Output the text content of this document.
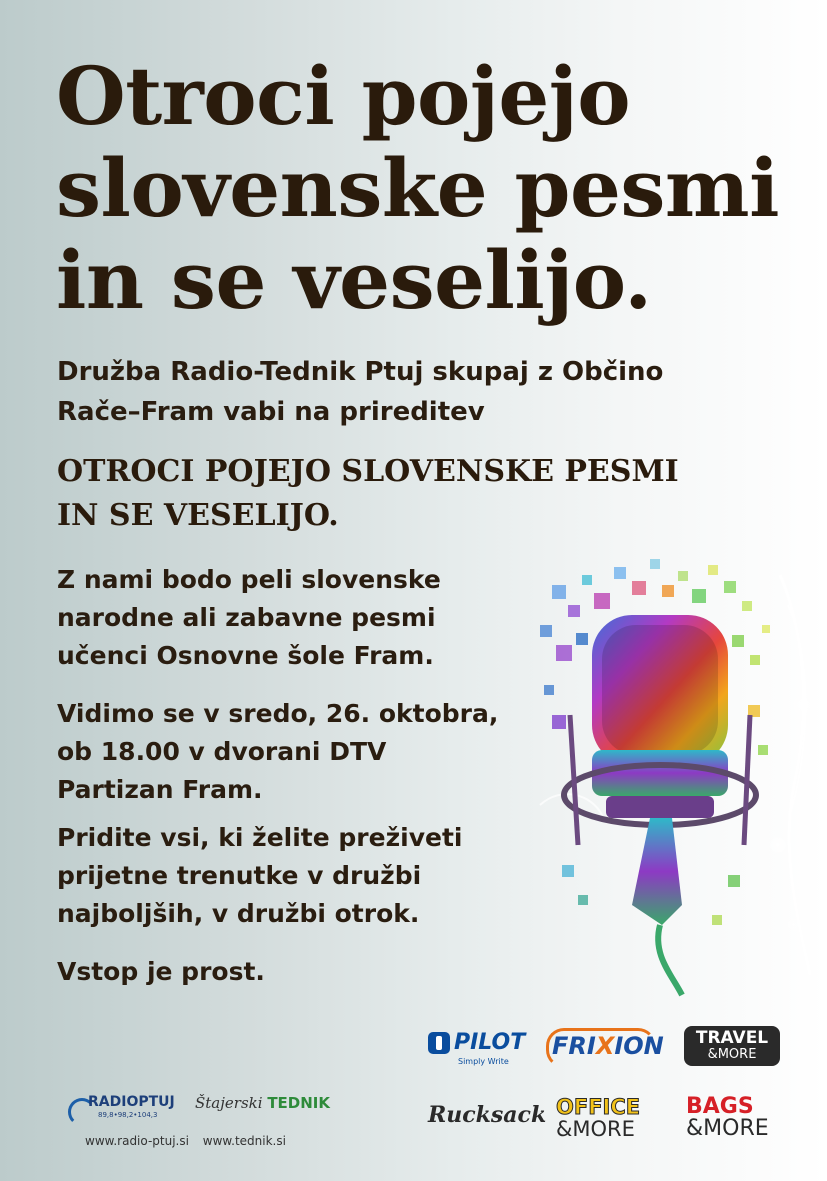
Otroci pojejo
slovenske pesmi
in se veselijo.

Družba Radio-Tednik Ptuj skupaj z Občino
Rače–Fram vabi na prireditev

OTROCI POJEJO SLOVENSKE PESMI
IN SE VESELIJO.

Z nami bodo peli slovenske
narodne ali zabavne pesmi
učenci Osnovne šole Fram.

Vidimo se v sredo, 26. oktobra,
ob 18.00 v dvorani DTV
Partizan Fram.

Pridite vsi, ki želite preživeti
prijetne trenutke v družbi
najboljših, v družbi otrok.

Vstop je prost.

PILOT
Simply Write
FRIXION	TRAVEL
&MORE
Rucksack OFFICE
&MORE
BAGS
&MORE
RADIOPTUJ
89,8•98,2•104,3
Štajerski TEDNIK
www.radio-ptuj.si www.tednik.si
